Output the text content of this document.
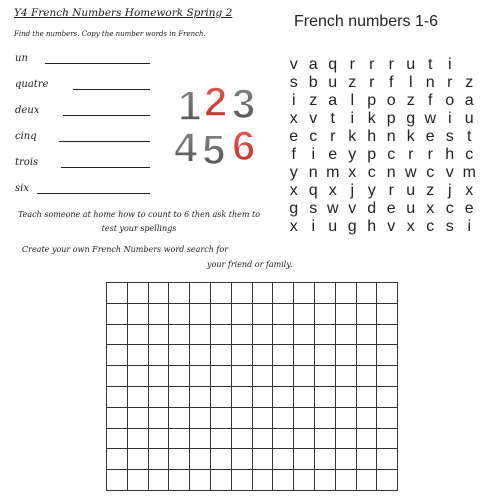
Y4 French Numbers Homework Spring 2
Find the numbers. Copy the number words in French.
un
quatre
deux
cinq
trois
six
1 2 3
4 5 6
French numbers 1-6
v a q r r r u t i
s b u z r f l n r z
i z a l p o z f o a
x v t i k p g w i u
e c r k h n k e s t
f i e y p c r r h c
y n m x c n w c v m
x q x j y r u z j x
g s w v d e u x c e
x i u g h v x c s i
Teach someone at home how to count to 6 then ask them to test your spellings
Create your own French Numbers word search for
your friend or family.
